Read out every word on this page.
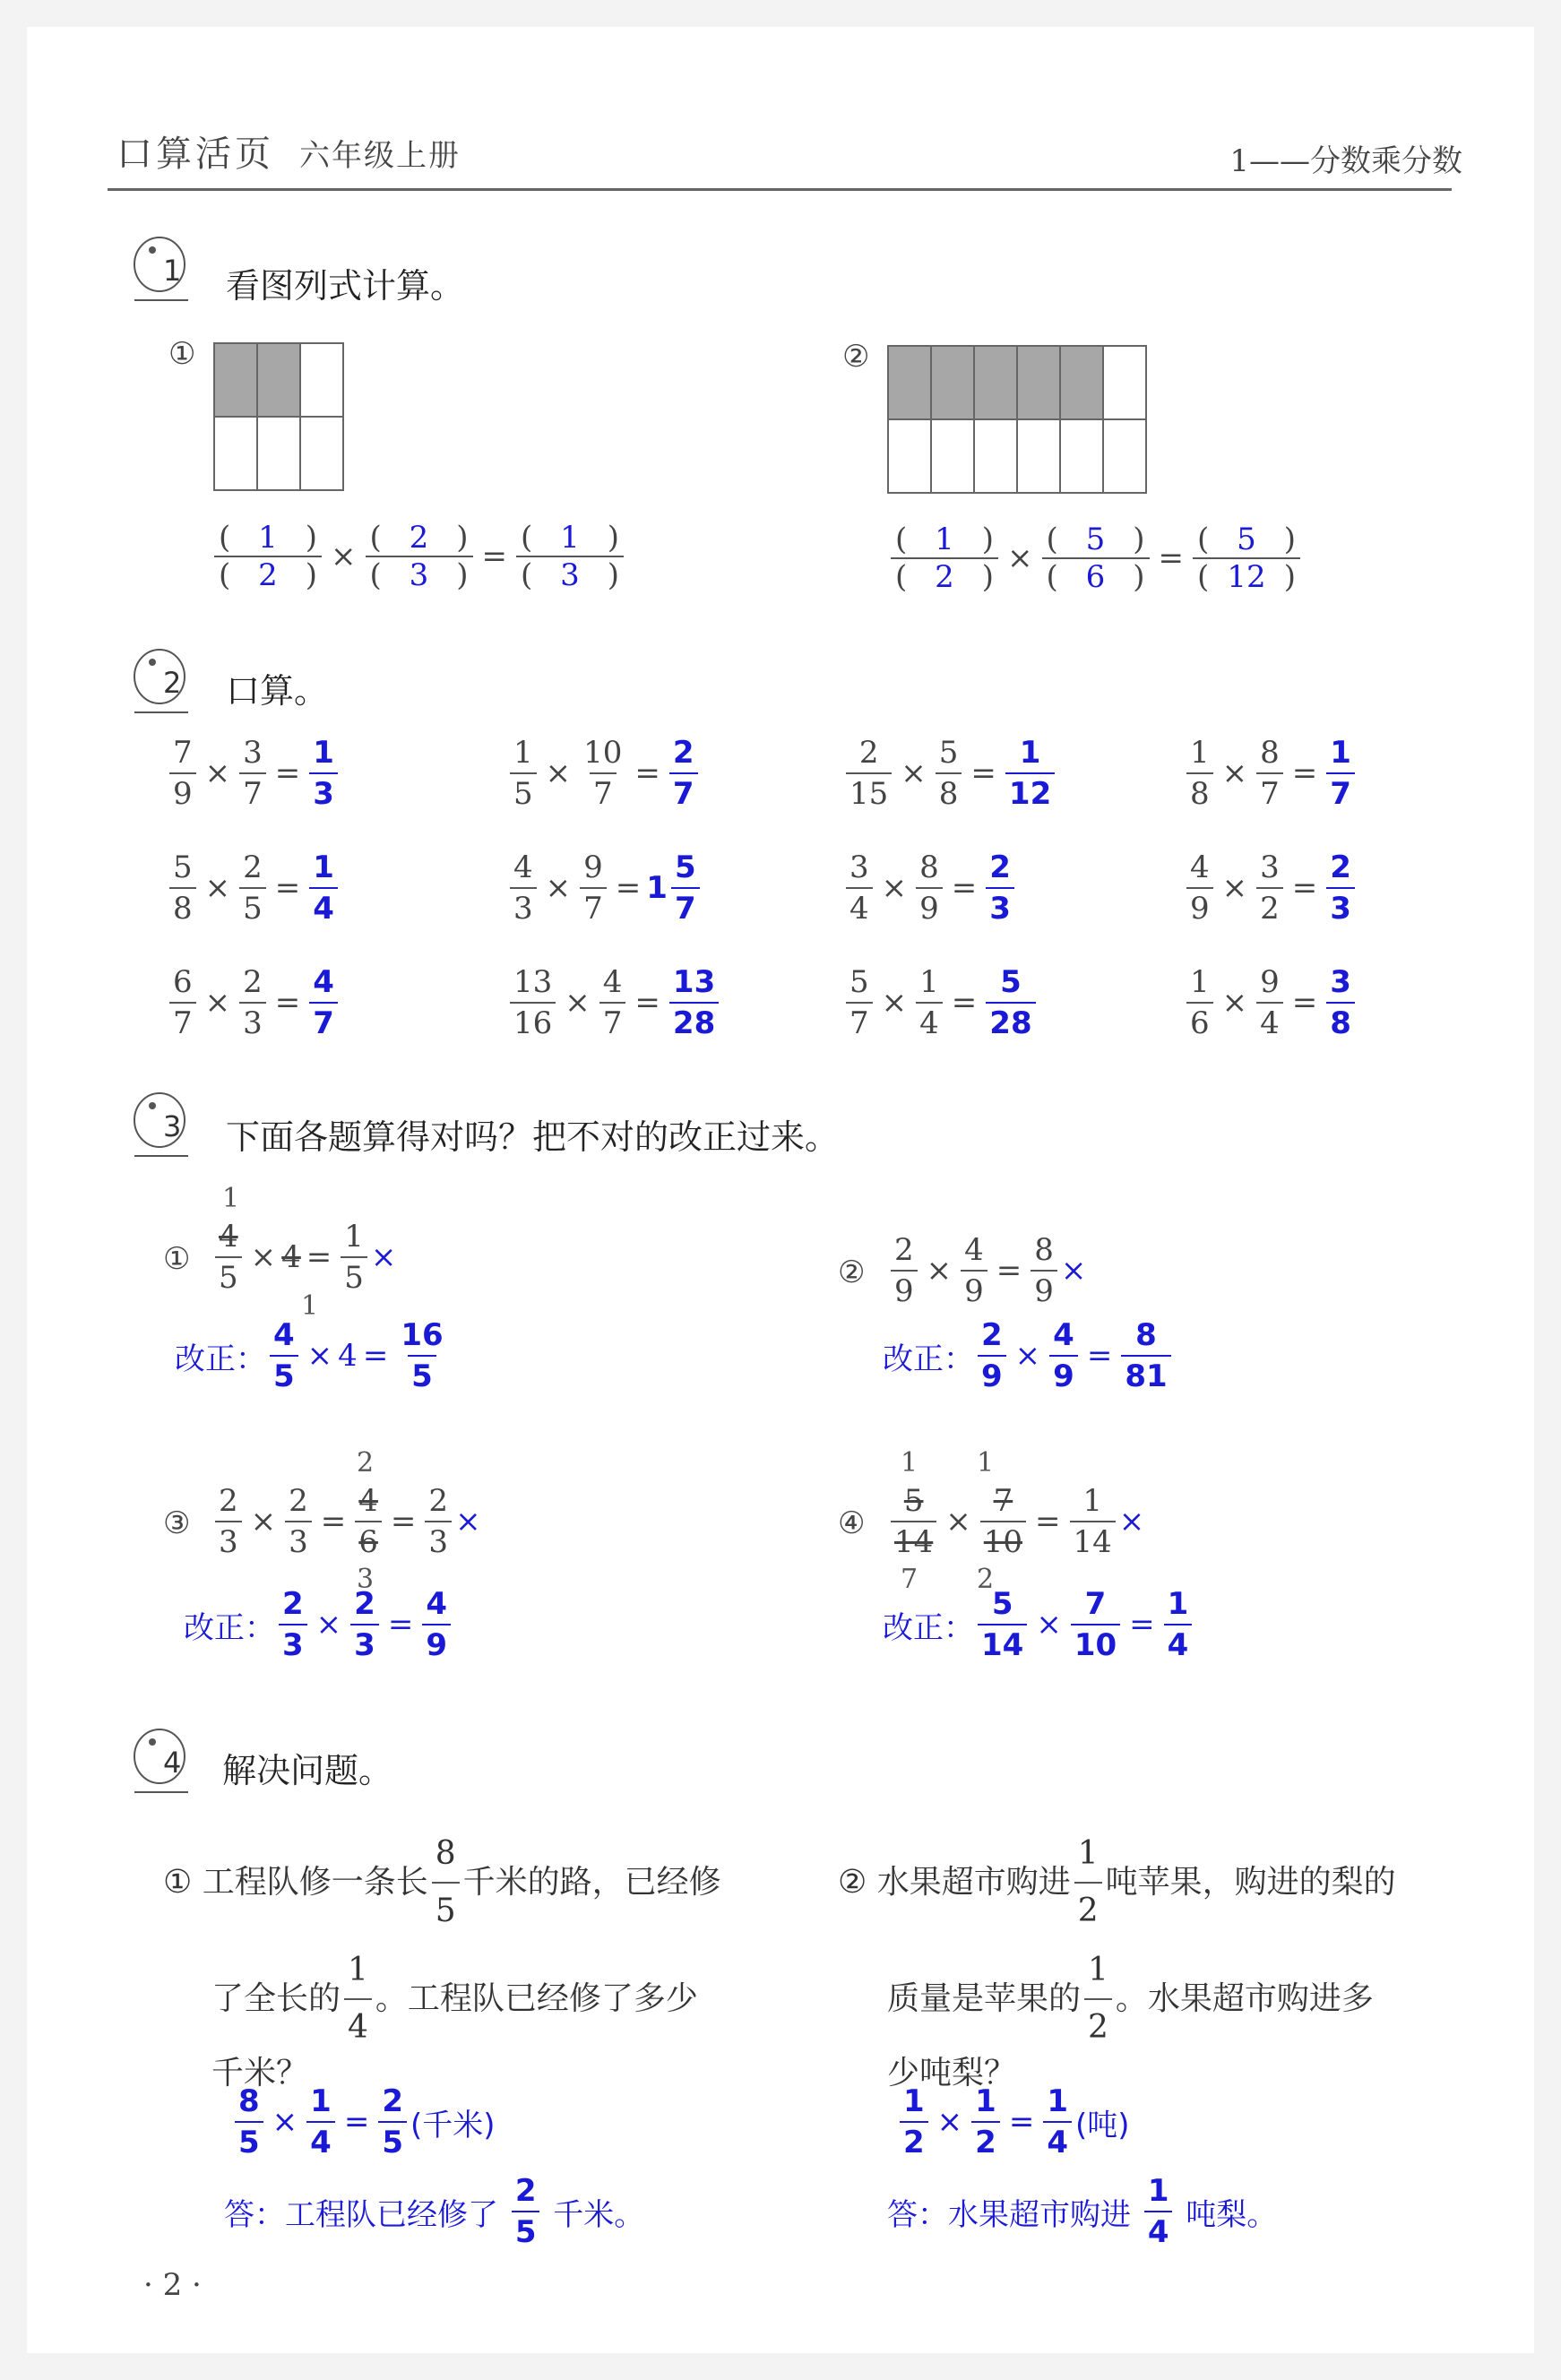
口算活页 六年级上册	1——分数乘分数
1 看图列式计算。
①

$\frac{( 1 )}{( 2 )} \times \frac{( 2 )}{( 3 )} = \frac{( 1 )}{( 3 )}$
②

$\frac{( 1 )}{( 2 )} \times \frac{( 5 )}{( 6 )} = \frac{( 5 )}{( 12 )}$
2 口算。
$\frac{7}{9} \times \frac{3}{7} = \frac{1}{3}$	$\frac{1}{5} \times \frac{10}{7} = \frac{2}{7}$	$\frac{2}{15} \times \frac{5}{8} = \frac{1}{12}$	$\frac{1}{8} \times \frac{8}{7} = \frac{1}{7}$
$\frac{5}{8} \times \frac{2}{5} = \frac{1}{4}$	$\frac{4}{3} \times \frac{9}{7} = 1 \frac{5}{7}$	$\frac{3}{4} \times \frac{8}{9} = \frac{2}{3}$	$\frac{4}{9} \times \frac{3}{2} = \frac{2}{3}$
$\frac{6}{7} \times \frac{2}{3} = \frac{4}{7}$	$\frac{13}{16} \times \frac{4}{7} = \frac{13}{28}$	$\frac{5}{7} \times \frac{1}{4} = \frac{5}{28}$	$\frac{1}{6} \times \frac{9}{4} = \frac{3}{8}$
3 下面各题算得对吗？把不对的改正过来。
①
1
$\frac{4}{5} \times 4 = \frac{1}{5}$ ×
1
改正： $\frac{4}{5} \times 4 = \frac{16}{5}$
② $\frac{2}{9} \times \frac{4}{9} = \frac{8}{9}$ ×
改正： $\frac{2}{9} \times \frac{4}{9} = \frac{8}{81}$
③
2
$\frac{2}{3} \times \frac{2}{3} = \frac{4}{6} = \frac{2}{3}$ ×
3
改正： $\frac{2}{3} \times \frac{2}{3} = \frac{4}{9}$
④
1 1
$\frac{5}{14} \times \frac{7}{10} = \frac{1}{14}$ ×
7 2
改正： $\frac{5}{14} \times \frac{7}{10} = \frac{1}{4}$
4 解决问题。
①
工程队修一条长 $\frac{8}{5}$ 千米的路，已经修
了全长的 $\frac{1}{4}$ 。工程队已经修了多少
千米？
$\frac{8}{5} \times \frac{1}{4} = \frac{2}{5}$ (千米)
答：工程队已经修了
$\frac{2}{5}$
千米。
②
水果超市购进 $\frac{1}{2}$ 吨苹果，购进的梨的
质量是苹果的 $\frac{1}{2}$ 。水果超市购进多
少吨梨？
$\frac{1}{2} \times \frac{1}{2} = \frac{1}{4}$ (吨)
答：水果超市购进
$\frac{1}{4}$
吨梨。
· 2 ·
